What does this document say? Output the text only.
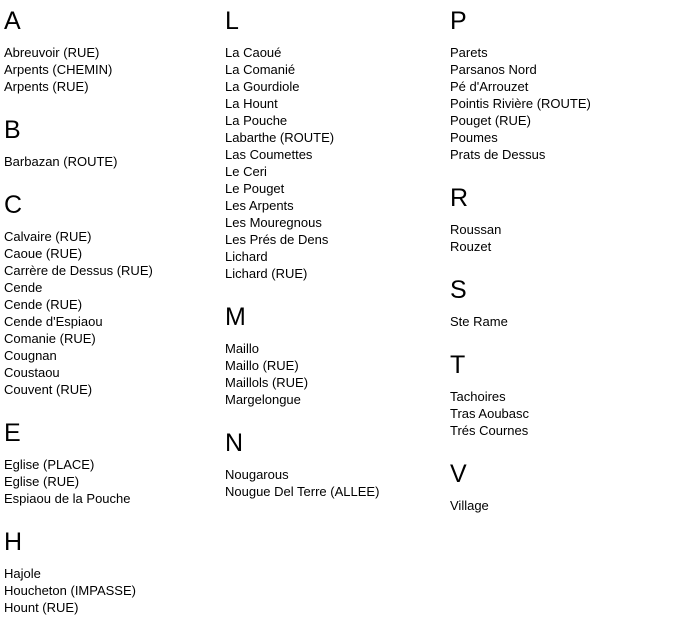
A
Abreuvoir (RUE)
Arpents (CHEMIN)
Arpents (RUE)
B
Barbazan (ROUTE)
C
Calvaire (RUE)
Caoue (RUE)
Carrère de Dessus (RUE)
Cende
Cende (RUE)
Cende d'Espiaou
Comanie (RUE)
Cougnan
Coustaou
Couvent (RUE)
E
Eglise (PLACE)
Eglise (RUE)
Espiaou de la Pouche
H
Hajole
Houcheton (IMPASSE)
Hount (RUE)
L
La Caoué
La Comanié
La Gourdiole
La Hount
La Pouche
Labarthe (ROUTE)
Las Coumettes
Le Ceri
Le Pouget
Les Arpents
Les Mouregnous
Les Prés de Dens
Lichard
Lichard (RUE)
M
Maillo
Maillo (RUE)
Maillols (RUE)
Margelongue
N
Nougarous
Nougue Del Terre (ALLEE)
P
Parets
Parsanos Nord
Pé d'Arrouzet
Pointis Rivière (ROUTE)
Pouget (RUE)
Poumes
Prats de Dessus
R
Roussan
Rouzet
S
Ste Rame
T
Tachoires
Tras Aoubasc
Trés Cournes
V
Village
